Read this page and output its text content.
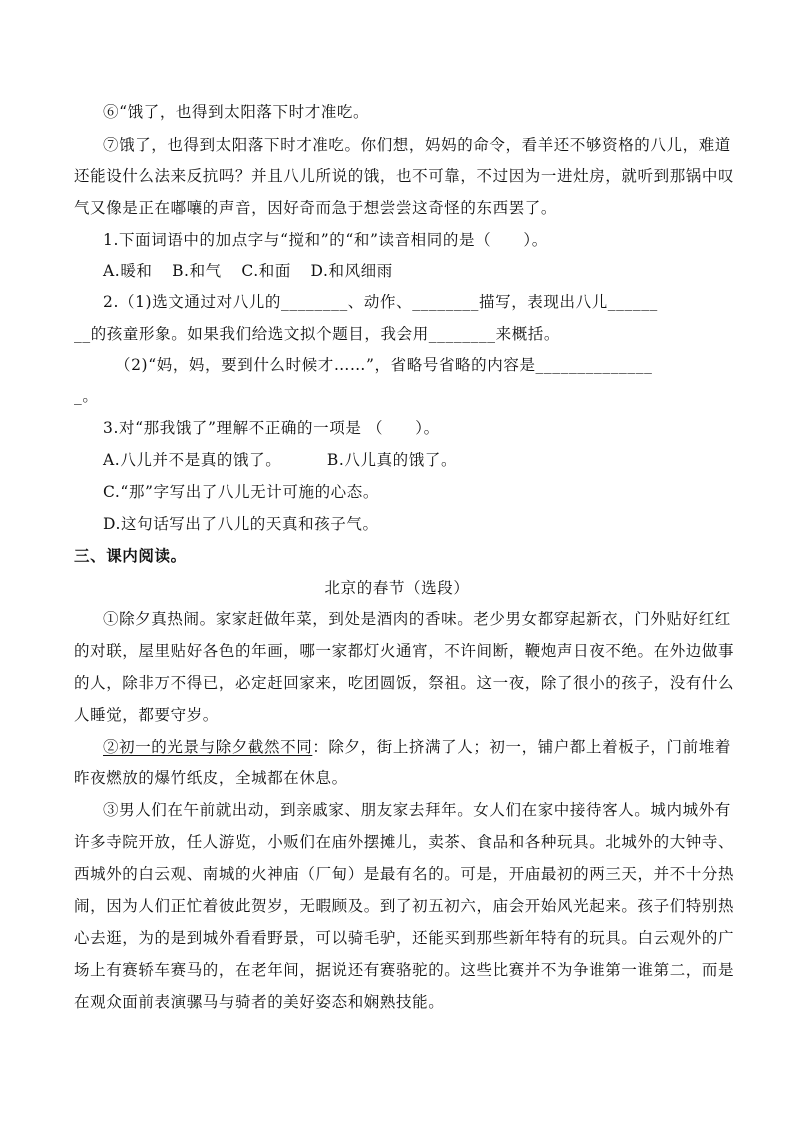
⑥“饿了，也得到太阳落下时才准吃。
⑦饿了，也得到太阳落下时才准吃。你们想，妈妈的命令，看羊还不够资格的八儿，难道
还能设什么法来反抗吗？并且八儿所说的饿，也不可靠，不过因为一进灶房，就听到那锅中叹
气又像是正在嘟嚷的声音，因好奇而急于想尝尝这奇怪的东西罢了。
1.下面词语中的加点字与“搅和”的“和”读音相同的是（　　）。
A.暖和 B.和气 C.和面 D.和风细雨
2.（1)选文通过对八儿的________、动作、________描写，表现出八儿______
__的孩童形象。如果我们给选文拟个题目，我会用________来概括。
（2)“妈，妈，要到什么时候才……”，省略号省略的内容是______________
_。
3.对“那我饿了”理解不正确的一项是 （　　）。
A.八儿并不是真的饿了。	B.八儿真的饿了。
C.“那”字写出了八儿无计可施的心态。
D.这句话写出了八儿的天真和孩子气。
三、课内阅读。
北京的春节（选段）
①除夕真热闹。家家赶做年菜，到处是酒肉的香味。老少男女都穿起新衣，门外贴好红红
的对联，屋里贴好各色的年画，哪一家都灯火通宵，不许间断，鞭炮声日夜不绝。在外边做事
的人，除非万不得已，必定赶回家来，吃团圆饭，祭祖。这一夜，除了很小的孩子，没有什么
人睡觉，都要守岁。
②初一的光景与除夕截然不同：除夕，街上挤满了人；初一，铺户都上着板子，门前堆着
昨夜燃放的爆竹纸皮，全城都在休息。
③男人们在午前就出动，到亲戚家、朋友家去拜年。女人们在家中接待客人。城内城外有
许多寺院开放，任人游览，小贩们在庙外摆摊儿，卖茶、食品和各种玩具。北城外的大钟寺、
西城外的白云观、南城的火神庙（厂甸）是最有名的。可是，开庙最初的两三天，并不十分热
闹，因为人们正忙着彼此贺岁，无暇顾及。到了初五初六，庙会开始风光起来。孩子们特别热
心去逛，为的是到城外看看野景，可以骑毛驴，还能买到那些新年特有的玩具。白云观外的广
场上有赛轿车赛马的，在老年间，据说还有赛骆驼的。这些比赛并不为争谁第一谁第二，而是
在观众面前表演骡马与骑者的美好姿态和娴熟技能。
